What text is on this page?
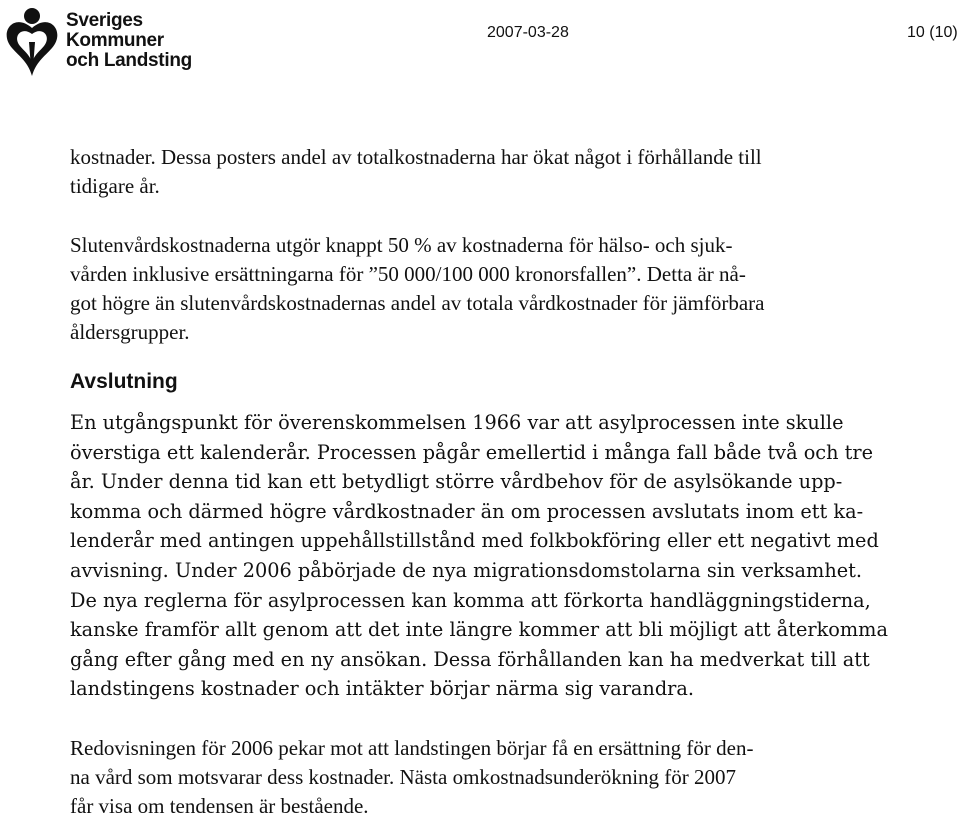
Sveriges
Kommuner
och Landsting
2007-03-28	10 (10)

kostnader. Dessa posters andel av totalkostnaderna har ökat något i förhållande till
tidigare år.

Slutenvårdskostnaderna utgör knappt 50 % av kostnaderna för hälso- och sjuk-
vården inklusive ersättningarna för ”50 000/100 000 kronorsfallen”. Detta är nå-
got högre än slutenvårdskostnadernas andel av totala vårdkostnader för jämförbara
åldersgrupper.

Avslutning

En utgångspunkt för överenskommelsen 1966 var att asylprocessen inte skulle
överstiga ett kalenderår. Processen pågår emellertid i många fall både två och tre
år. Under denna tid kan ett betydligt större vårdbehov för de asylsökande upp-
komma och därmed högre vårdkostnader än om processen avslutats inom ett ka-
lenderår med antingen uppehållstillstånd med folkbokföring eller ett negativt med
avvisning. Under 2006 påbörjade de nya migrationsdomstolarna sin verksamhet.
De nya reglerna för asylprocessen kan komma att förkorta handläggningstiderna,
kanske framför allt genom att det inte längre kommer att bli möjligt att återkomma
gång efter gång med en ny ansökan. Dessa förhållanden kan ha medverkat till att
landstingens kostnader och intäkter börjar närma sig varandra.

Redovisningen för 2006 pekar mot att landstingen börjar få en ersättning för den-
na vård som motsvarar dess kostnader. Nästa omkostnadsunderökning för 2007
får visa om tendensen är bestående.
